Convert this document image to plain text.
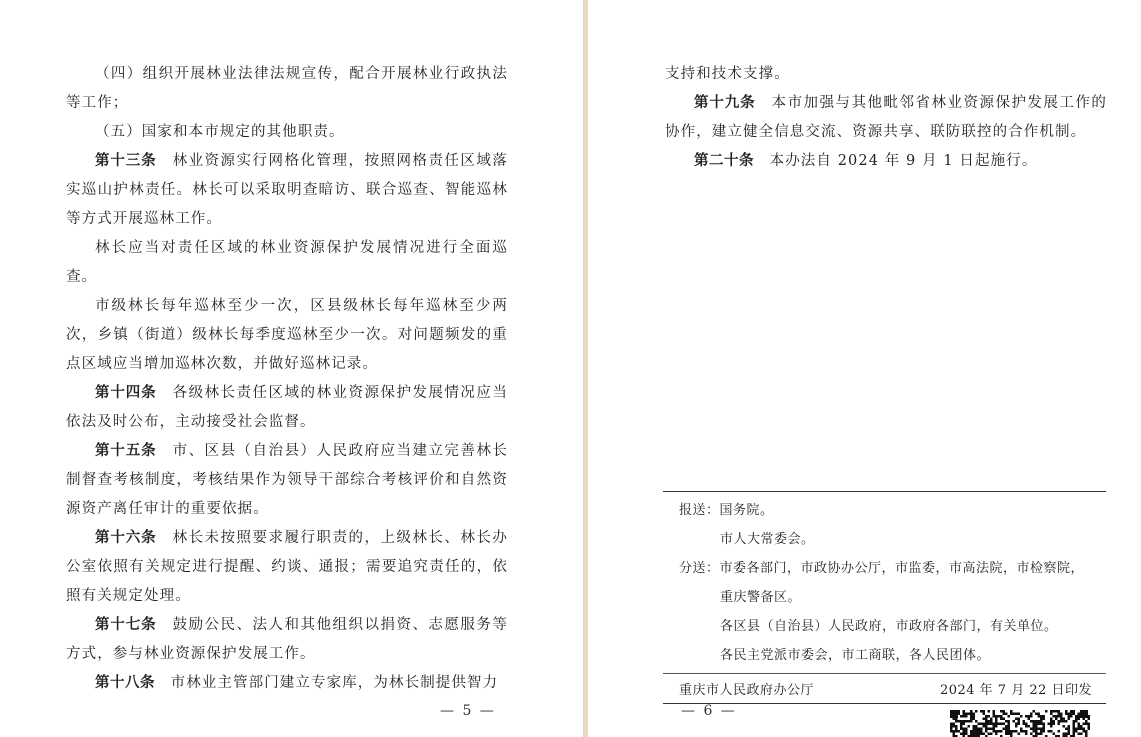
（四）组织开展林业法律法规宣传，配合开展林业行政执法等工作；

（五）国家和本市规定的其他职责。

第十三条  林业资源实行网格化管理，按照网格责任区域落实巡山护林责任。林长可以采取明查暗访、联合巡查、智能巡林等方式开展巡林工作。

林长应当对责任区域的林业资源保护发展情况进行全面巡查。

市级林长每年巡林至少一次，区县级林长每年巡林至少两次，乡镇（街道）级林长每季度巡林至少一次。对问题频发的重点区域应当增加巡林次数，并做好巡林记录。

第十四条  各级林长责任区域的林业资源保护发展情况应当依法及时公布，主动接受社会监督。

第十五条  市、区县（自治县）人民政府应当建立完善林长制督查考核制度，考核结果作为领导干部综合考核评价和自然资源资产离任审计的重要依据。

第十六条  林长未按照要求履行职责的，上级林长、林长办公室依照有关规定进行提醒、约谈、通报；需要追究责任的，依照有关规定处理。

第十七条  鼓励公民、法人和其他组织以捐资、志愿服务等方式，参与林业资源保护发展工作。

第十八条  市林业主管部门建立专家库，为林长制提供智力

— 5 —

支持和技术支撑。

第十九条  本市加强与其他毗邻省林业资源保护发展工作的协作，建立健全信息交流、资源共享、联防联控的合作机制。

第二十条  本办法自 2024 年 9 月 1 日起施行。

报送：国务院。

市人大常委会。

分送：市委各部门，市政协办公厅，市监委，市高法院，市检察院，

重庆警备区。

各区县（自治县）人民政府，市政府各部门，有关单位。

各民主党派市委会，市工商联，各人民团体。

重庆市人民政府办公厅	2024 年 7 月 22 日印发
— 6 —
